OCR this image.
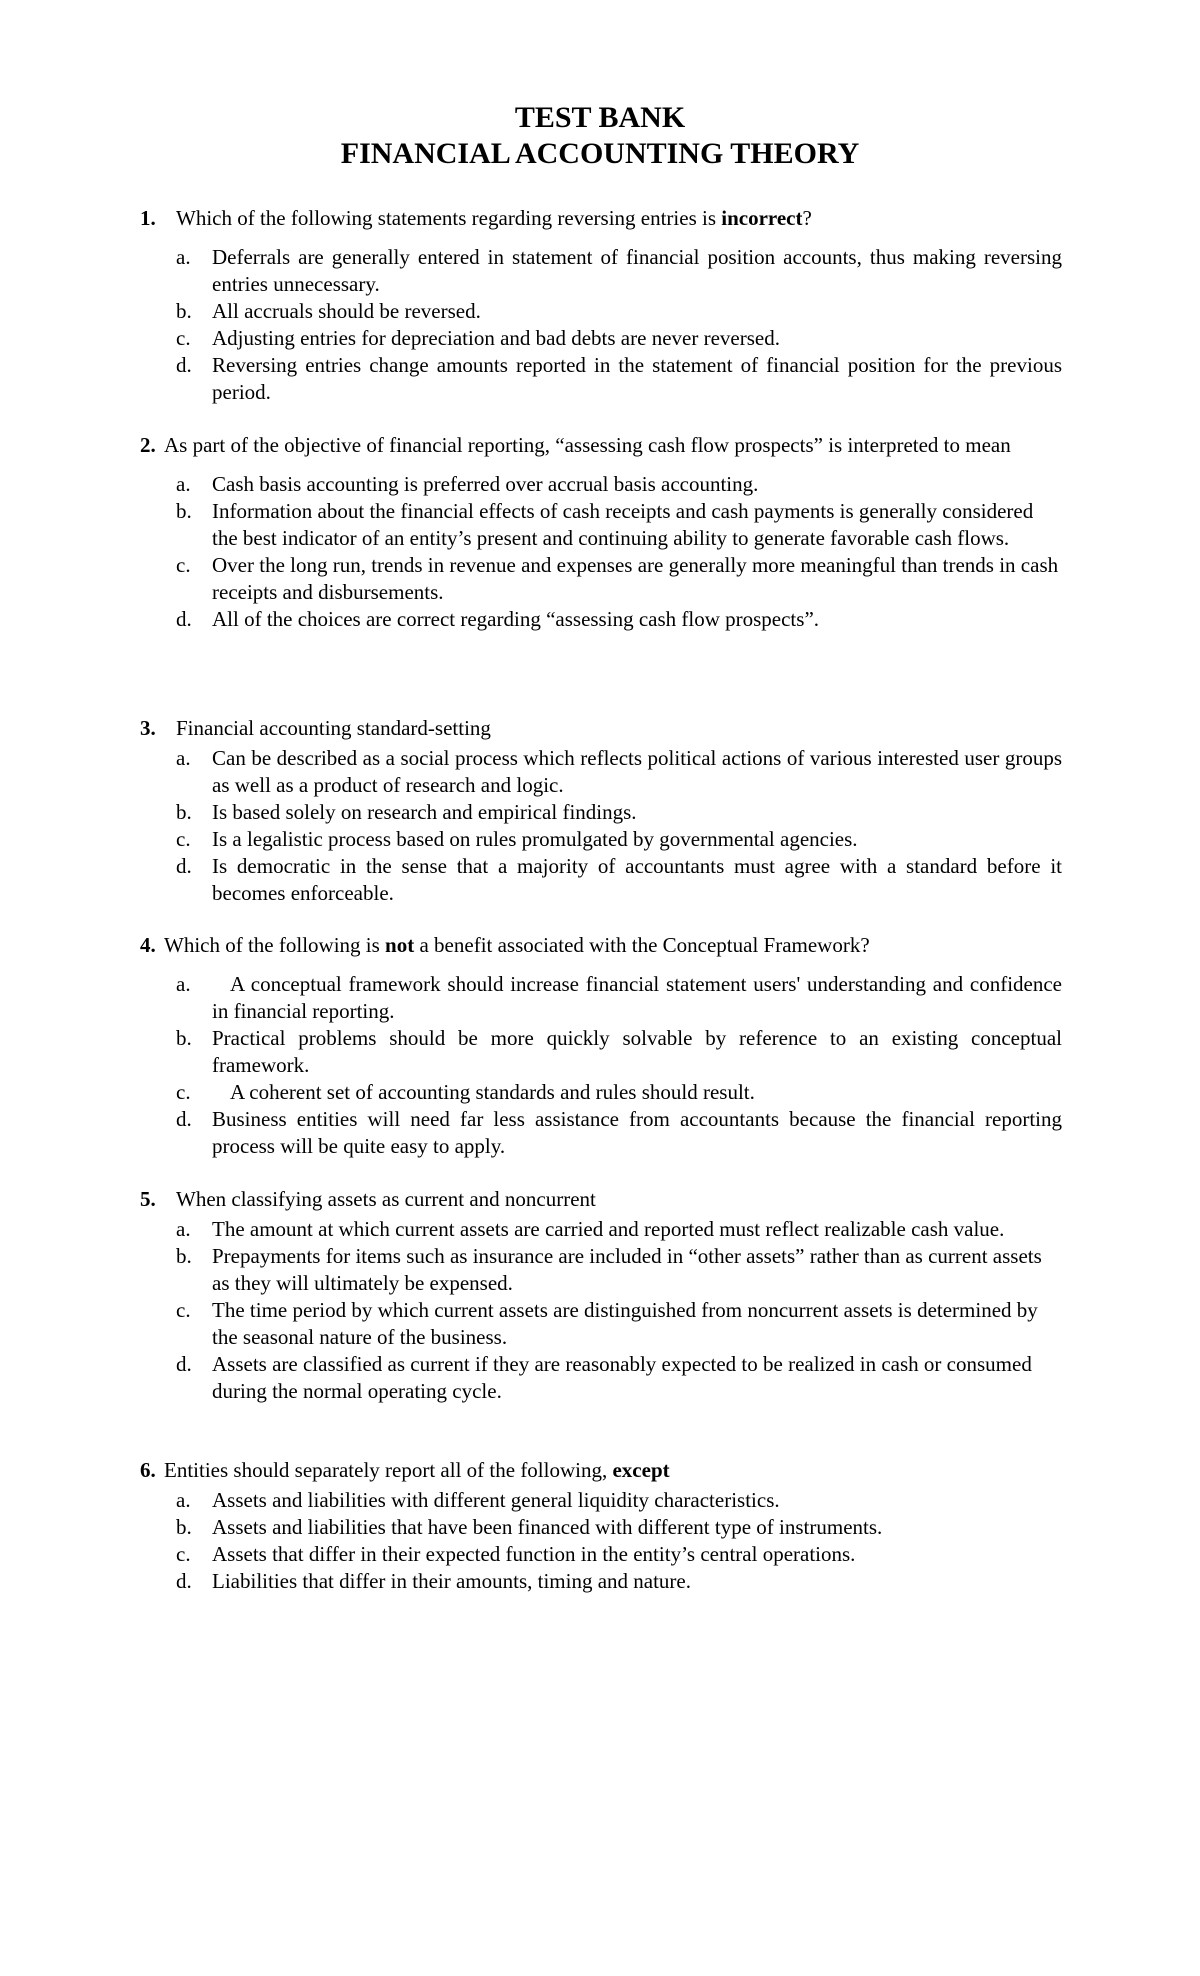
TEST BANK

FINANCIAL ACCOUNTING THEORY

1. Which of the following statements regarding reversing entries is incorrect?
a. Deferrals are generally entered in statement of financial position accounts, thus making reversing entries unnecessary.
b. All accruals should be reversed.
c. Adjusting entries for depreciation and bad debts are never reversed.
d. Reversing entries change amounts reported in the statement of financial position for the previous period.
2. As part of the objective of financial reporting, “assessing cash flow prospects” is interpreted to mean
a. Cash basis accounting is preferred over accrual basis accounting.
b. Information about the financial effects of cash receipts and cash payments is generally considered the best indicator of an entity’s present and continuing ability to generate favorable cash flows.
c. Over the long run, trends in revenue and expenses are generally more meaningful than trends in cash receipts and disbursements.
d. All of the choices are correct regarding “assessing cash flow prospects”.
3. Financial accounting standard-setting
a. Can be described as a social process which reflects political actions of various interested user groups as well as a product of research and logic.
b. Is based solely on research and empirical findings.
c. Is a legalistic process based on rules promulgated by governmental agencies.
d. Is democratic in the sense that a majority of accountants must agree with a standard before it becomes enforceable.
4. Which of the following is not a benefit associated with the Conceptual Framework?
a. A conceptual framework should increase financial statement users' understanding and confidence in financial reporting.
b. Practical problems should be more quickly solvable by reference to an existing conceptual framework.
c. A coherent set of accounting standards and rules should result.
d. Business entities will need far less assistance from accountants because the financial reporting process will be quite easy to apply.
5. When classifying assets as current and noncurrent
a. The amount at which current assets are carried and reported must reflect realizable cash value.
b. Prepayments for items such as insurance are included in “other assets” rather than as current assets as they will ultimately be expensed.
c. The time period by which current assets are distinguished from noncurrent assets is determined by the seasonal nature of the business.
d. Assets are classified as current if they are reasonably expected to be realized in cash or consumed during the normal operating cycle.
6. Entities should separately report all of the following, except
a. Assets and liabilities with different general liquidity characteristics.
b. Assets and liabilities that have been financed with different type of instruments.
c. Assets that differ in their expected function in the entity’s central operations.
d. Liabilities that differ in their amounts, timing and nature.
